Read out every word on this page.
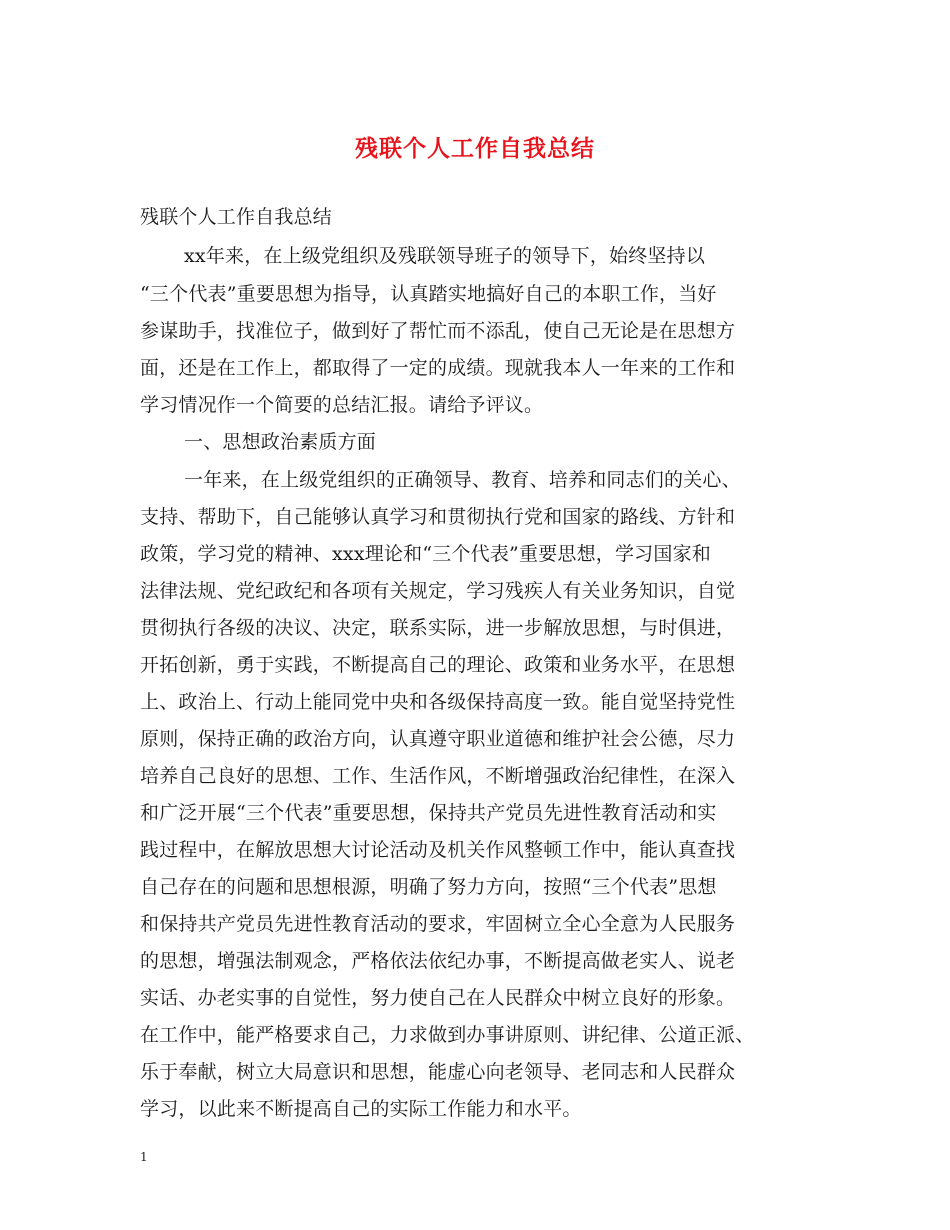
残联个人工作自我总结
残联个人工作自我总结
xx年来，在上级党组织及残联领导班子的领导下，始终坚持以
“三个代表”重要思想为指导，认真踏实地搞好自己的本职工作，当好
参谋助手，找准位子，做到好了帮忙而不添乱，使自己无论是在思想方
面，还是在工作上，都取得了一定的成绩。现就我本人一年来的工作和
学习情况作一个简要的总结汇报。请给予评议。
一、思想政治素质方面
一年来，在上级党组织的正确领导、教育、培养和同志们的关心、
支持、帮助下，自己能够认真学习和贯彻执行党和国家的路线、方针和
政策，学习党的精神、xxx理论和“三个代表”重要思想，学习国家和
法律法规、党纪政纪和各项有关规定，学习残疾人有关业务知识，自觉
贯彻执行各级的决议、决定，联系实际，进一步解放思想，与时俱进，
开拓创新，勇于实践，不断提高自己的理论、政策和业务水平，在思想
上、政治上、行动上能同党中央和各级保持高度一致。能自觉坚持党性
原则，保持正确的政治方向，认真遵守职业道德和维护社会公德，尽力
培养自己良好的思想、工作、生活作风，不断增强政治纪律性，在深入
和广泛开展“三个代表”重要思想，保持共产党员先进性教育活动和实
践过程中，在解放思想大讨论活动及机关作风整顿工作中，能认真查找
自己存在的问题和思想根源，明确了努力方向，按照“三个代表”思想
和保持共产党员先进性教育活动的要求，牢固树立全心全意为人民服务
的思想，增强法制观念，严格依法依纪办事，不断提高做老实人、说老
实话、办老实事的自觉性，努力使自己在人民群众中树立良好的形象。
在工作中，能严格要求自己，力求做到办事讲原则、讲纪律、公道正派、
乐于奉献，树立大局意识和思想，能虚心向老领导、老同志和人民群众
学习，以此来不断提高自己的实际工作能力和水平。
1
